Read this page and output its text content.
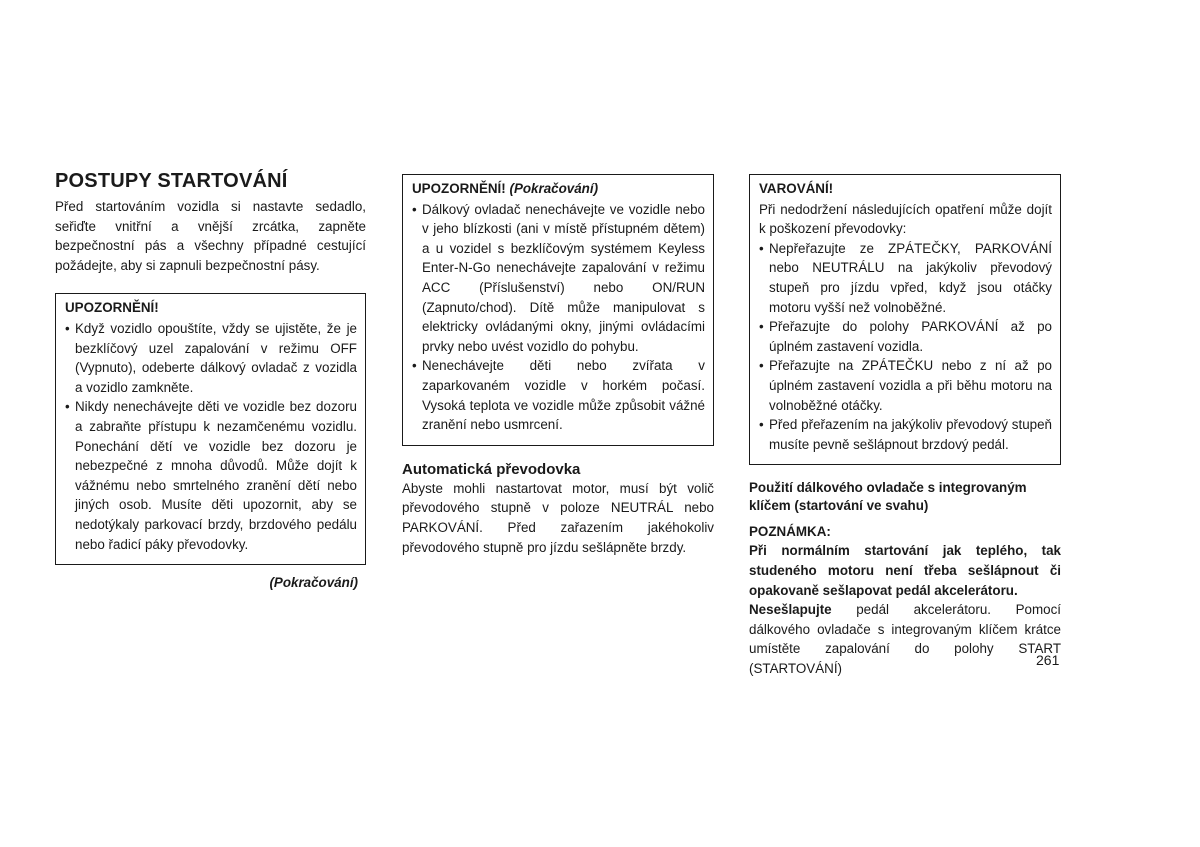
POSTUPY STARTOVÁNÍ

Před startováním vozidla si nastavte sedadlo, seřiďte vnitřní a vnější zrcátka, zapněte bezpečnostní pás a všechny případné cestující požádejte, aby si zapnuli bezpečnostní pásy.

UPOZORNĚNÍ!
• Když vozidlo opouštíte, vždy se ujistěte, že je bezklíčový uzel zapalování v režimu OFF (Vypnuto), odeberte dálkový ovladač z vozidla a vozidlo zamkněte.
• Nikdy nenechávejte děti ve vozidle bez dozoru a zabraňte přístupu k nezamčenému vozidlu. Ponechání dětí ve vozidle bez dozoru je nebezpečné z mnoha důvodů. Může dojít k vážnému nebo smrtelného zranění dětí nebo jiných osob. Musíte děti upozornit, aby se nedotýkaly parkovací brzdy, brzdového pedálu nebo řadicí páky převodovky.
(Pokračování)
UPOZORNĚNÍ! (Pokračování)
• Dálkový ovladač nenechávejte ve vozidle nebo v jeho blízkosti (ani v místě přístupném dětem) a u vozidel s bezklíčovým systémem Keyless Enter-N-Go nenechávejte zapalování v režimu ACC (Příslušenství) nebo ON/RUN (Zapnuto/chod). Dítě může manipulovat s elektricky ovládanými okny, jinými ovládacími prvky nebo uvést vozidlo do pohybu.
• Nenechávejte děti nebo zvířata v zaparkovaném vozidle v horkém počasí. Vysoká teplota ve vozidle může způsobit vážné zranění nebo usmrcení.
Automatická převodovka

Abyste mohli nastartovat motor, musí být volič převodového stupně v poloze NEUTRÁL nebo PARKOVÁNÍ. Před zařazením jakéhokoliv převodového stupně pro jízdu sešlápněte brzdy.

VAROVÁNÍ!

Při nedodržení následujících opatření může dojít k poškození převodovky:

• Nepřeřazujte ze ZPÁTEČKY, PARKOVÁNÍ nebo NEUTRÁLU na jakýkoliv převodový stupeň pro jízdu vpřed, když jsou otáčky motoru vyšší než volnoběžné.
• Přeřazujte do polohy PARKOVÁNÍ až po úplném zastavení vozidla.
• Přeřazujte na ZPÁTEČKU nebo z ní až po úplném zastavení vozidla a při běhu motoru na volnoběžné otáčky.
• Před přeřazením na jakýkoliv převodový stupeň musíte pevně sešlápnout brzdový pedál.
Použití dálkového ovladače s integrovaným klíčem (startování ve svahu)
POZNÁMKA:

Při normálním startování jak teplého, tak studeného motoru není třeba sešlápnout či opakovaně sešlapovat pedál akcelerátoru.

Nesešlapujte pedál akcelerátoru. Pomocí dálkového ovladače s integrovaným klíčem krátce umístěte zapalování do polohy START (STARTOVÁNÍ)

261
